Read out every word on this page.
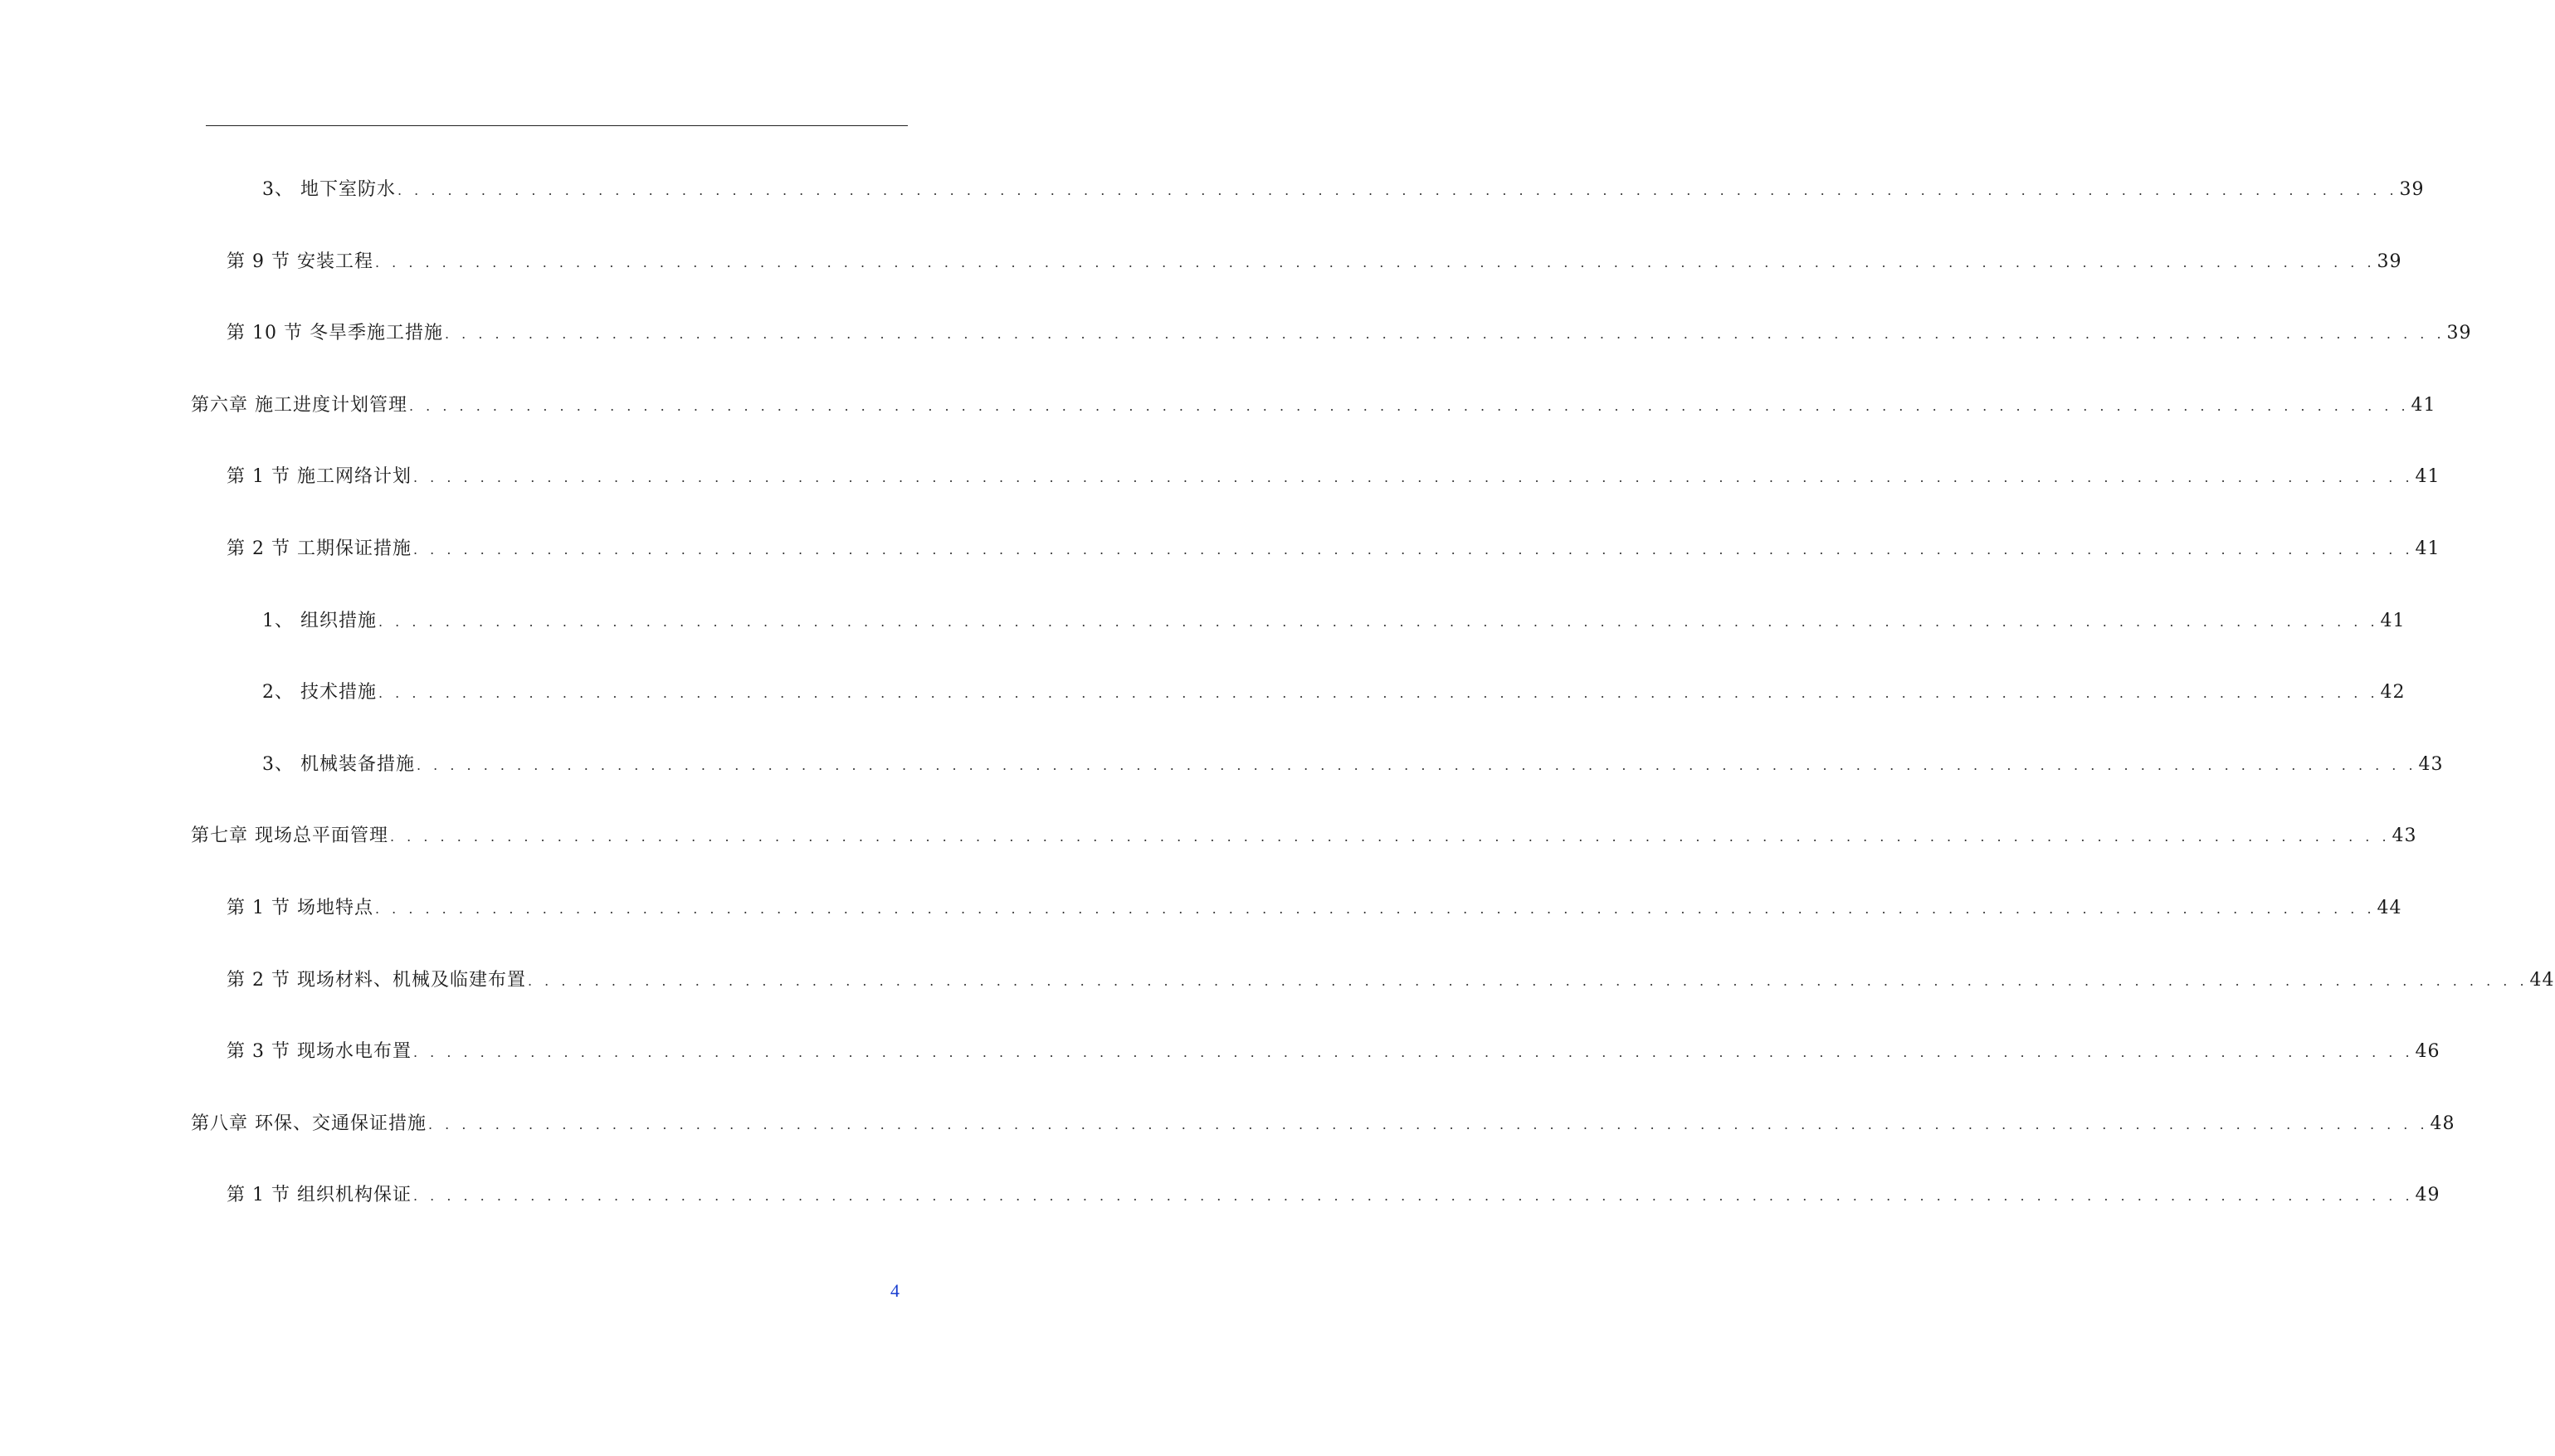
3、 地下室防水 . . . . . . . . . . . . . . . . . . . . . . . . . . . . . . . . . . . . . . . . . . . . . . . . . . . . . . . . . . . . . . . . . . . . . . . . . . . . . . . . . . . . . . . . . . . . . . . . . . . . . . . . . . . . . . . . . . . . . . . . 39
第 9 节 安装工程 . . . . . . . . . . . . . . . . . . . . . . . . . . . . . . . . . . . . . . . . . . . . . . . . . . . . . . . . . . . . . . . . . . . . . . . . . . . . . . . . . . . . . . . . . . . . . . . . . . . . . . . . . . . . . . . . . . . . . . . . 39
第 10 节 冬旱季施工措施 . . . . . . . . . . . . . . . . . . . . . . . . . . . . . . . . . . . . . . . . . . . . . . . . . . . . . . . . . . . . . . . . . . . . . . . . . . . . . . . . . . . . . . . . . . . . . . . . . . . . . . . . . . . . . . . . . . . . . . . . 39
第六章 施工进度计划管理 . . . . . . . . . . . . . . . . . . . . . . . . . . . . . . . . . . . . . . . . . . . . . . . . . . . . . . . . . . . . . . . . . . . . . . . . . . . . . . . . . . . . . . . . . . . . . . . . . . . . . . . . . . . . . . . . . . . . . . . . 41
第 1 节 施工网络计划 . . . . . . . . . . . . . . . . . . . . . . . . . . . . . . . . . . . . . . . . . . . . . . . . . . . . . . . . . . . . . . . . . . . . . . . . . . . . . . . . . . . . . . . . . . . . . . . . . . . . . . . . . . . . . . . . . . . . . . . . 41
第 2 节 工期保证措施 . . . . . . . . . . . . . . . . . . . . . . . . . . . . . . . . . . . . . . . . . . . . . . . . . . . . . . . . . . . . . . . . . . . . . . . . . . . . . . . . . . . . . . . . . . . . . . . . . . . . . . . . . . . . . . . . . . . . . . . . 41
1、 组织措施 . . . . . . . . . . . . . . . . . . . . . . . . . . . . . . . . . . . . . . . . . . . . . . . . . . . . . . . . . . . . . . . . . . . . . . . . . . . . . . . . . . . . . . . . . . . . . . . . . . . . . . . . . . . . . . . . . . . . . . . . 41
2、 技术措施 . . . . . . . . . . . . . . . . . . . . . . . . . . . . . . . . . . . . . . . . . . . . . . . . . . . . . . . . . . . . . . . . . . . . . . . . . . . . . . . . . . . . . . . . . . . . . . . . . . . . . . . . . . . . . . . . . . . . . . . . 42
3、 机械装备措施 . . . . . . . . . . . . . . . . . . . . . . . . . . . . . . . . . . . . . . . . . . . . . . . . . . . . . . . . . . . . . . . . . . . . . . . . . . . . . . . . . . . . . . . . . . . . . . . . . . . . . . . . . . . . . . . . . . . . . . . . 43
第七章 现场总平面管理 . . . . . . . . . . . . . . . . . . . . . . . . . . . . . . . . . . . . . . . . . . . . . . . . . . . . . . . . . . . . . . . . . . . . . . . . . . . . . . . . . . . . . . . . . . . . . . . . . . . . . . . . . . . . . . . . . . . . . . . . 43
第 1 节 场地特点 . . . . . . . . . . . . . . . . . . . . . . . . . . . . . . . . . . . . . . . . . . . . . . . . . . . . . . . . . . . . . . . . . . . . . . . . . . . . . . . . . . . . . . . . . . . . . . . . . . . . . . . . . . . . . . . . . . . . . . . . 44
第 2 节 现场材料、机械及临建布置 . . . . . . . . . . . . . . . . . . . . . . . . . . . . . . . . . . . . . . . . . . . . . . . . . . . . . . . . . . . . . . . . . . . . . . . . . . . . . . . . . . . . . . . . . . . . . . . . . . . . . . . . . . . . . . . . . . . . . . . . 44
第 3 节 现场水电布置 . . . . . . . . . . . . . . . . . . . . . . . . . . . . . . . . . . . . . . . . . . . . . . . . . . . . . . . . . . . . . . . . . . . . . . . . . . . . . . . . . . . . . . . . . . . . . . . . . . . . . . . . . . . . . . . . . . . . . . . . 46
第八章 环保、交通保证措施 . . . . . . . . . . . . . . . . . . . . . . . . . . . . . . . . . . . . . . . . . . . . . . . . . . . . . . . . . . . . . . . . . . . . . . . . . . . . . . . . . . . . . . . . . . . . . . . . . . . . . . . . . . . . . . . . . . . . . . . . 48
第 1 节 组织机构保证 . . . . . . . . . . . . . . . . . . . . . . . . . . . . . . . . . . . . . . . . . . . . . . . . . . . . . . . . . . . . . . . . . . . . . . . . . . . . . . . . . . . . . . . . . . . . . . . . . . . . . . . . . . . . . . . . . . . . . . . . 49
4
